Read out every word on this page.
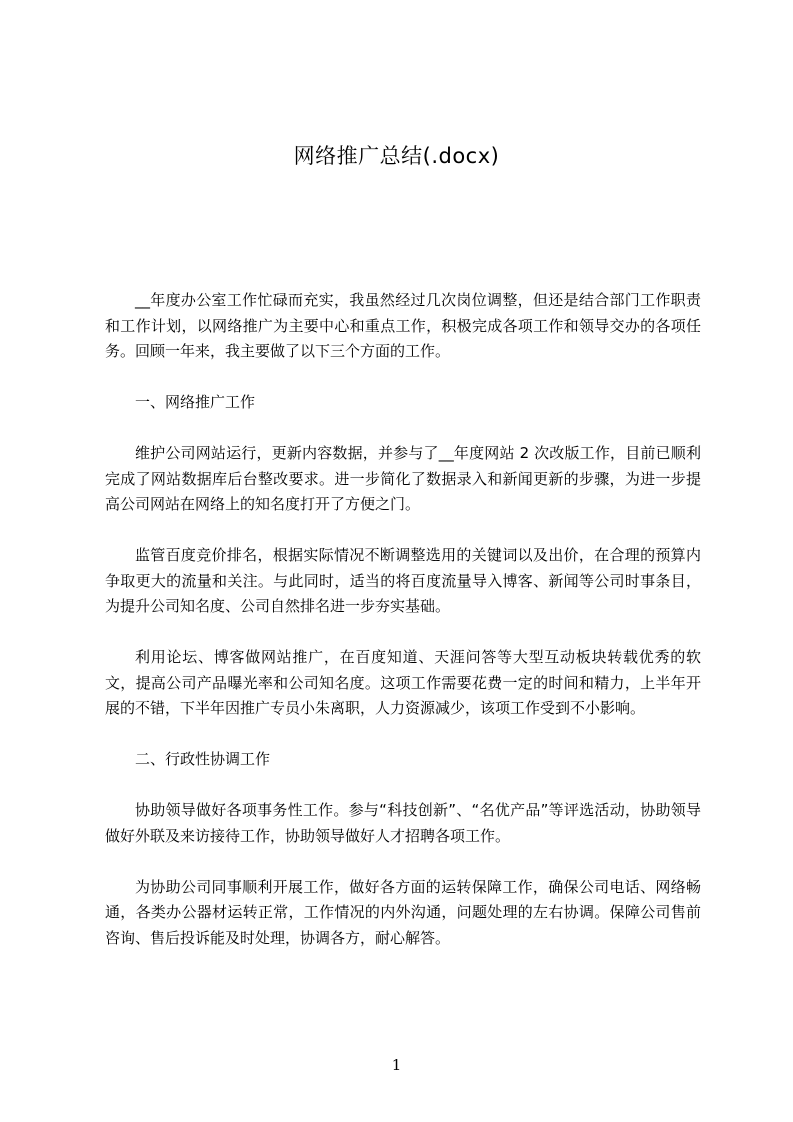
网络推广总结(.docx)

__年度办公室工作忙碌而充实，我虽然经过几次岗位调整，但还是结合部门工作职责和工作计划，以网络推广为主要中心和重点工作，积极完成各项工作和领导交办的各项任务。回顾一年来，我主要做了以下三个方面的工作。

一、网络推广工作

维护公司网站运行，更新内容数据，并参与了__年度网站 2 次改版工作，目前已顺利完成了网站数据库后台整改要求。进一步简化了数据录入和新闻更新的步骤，为进一步提高公司网站在网络上的知名度打开了方便之门。

监管百度竞价排名，根据实际情况不断调整选用的关键词以及出价，在合理的预算内争取更大的流量和关注。与此同时，适当的将百度流量导入博客、新闻等公司时事条目，为提升公司知名度、公司自然排名进一步夯实基础。

利用论坛、博客做网站推广，在百度知道、天涯问答等大型互动板块转载优秀的软文，提高公司产品曝光率和公司知名度。这项工作需要花费一定的时间和精力，上半年开展的不错，下半年因推广专员小朱离职，人力资源减少，该项工作受到不小影响。

二、行政性协调工作

协助领导做好各项事务性工作。参与“科技创新”、“名优产品”等评选活动，协助领导做好外联及来访接待工作，协助领导做好人才招聘各项工作。

为协助公司同事顺利开展工作，做好各方面的运转保障工作，确保公司电话、网络畅通，各类办公器材运转正常，工作情况的内外沟通，问题处理的左右协调。保障公司售前咨询、售后投诉能及时处理，协调各方，耐心解答。

1
